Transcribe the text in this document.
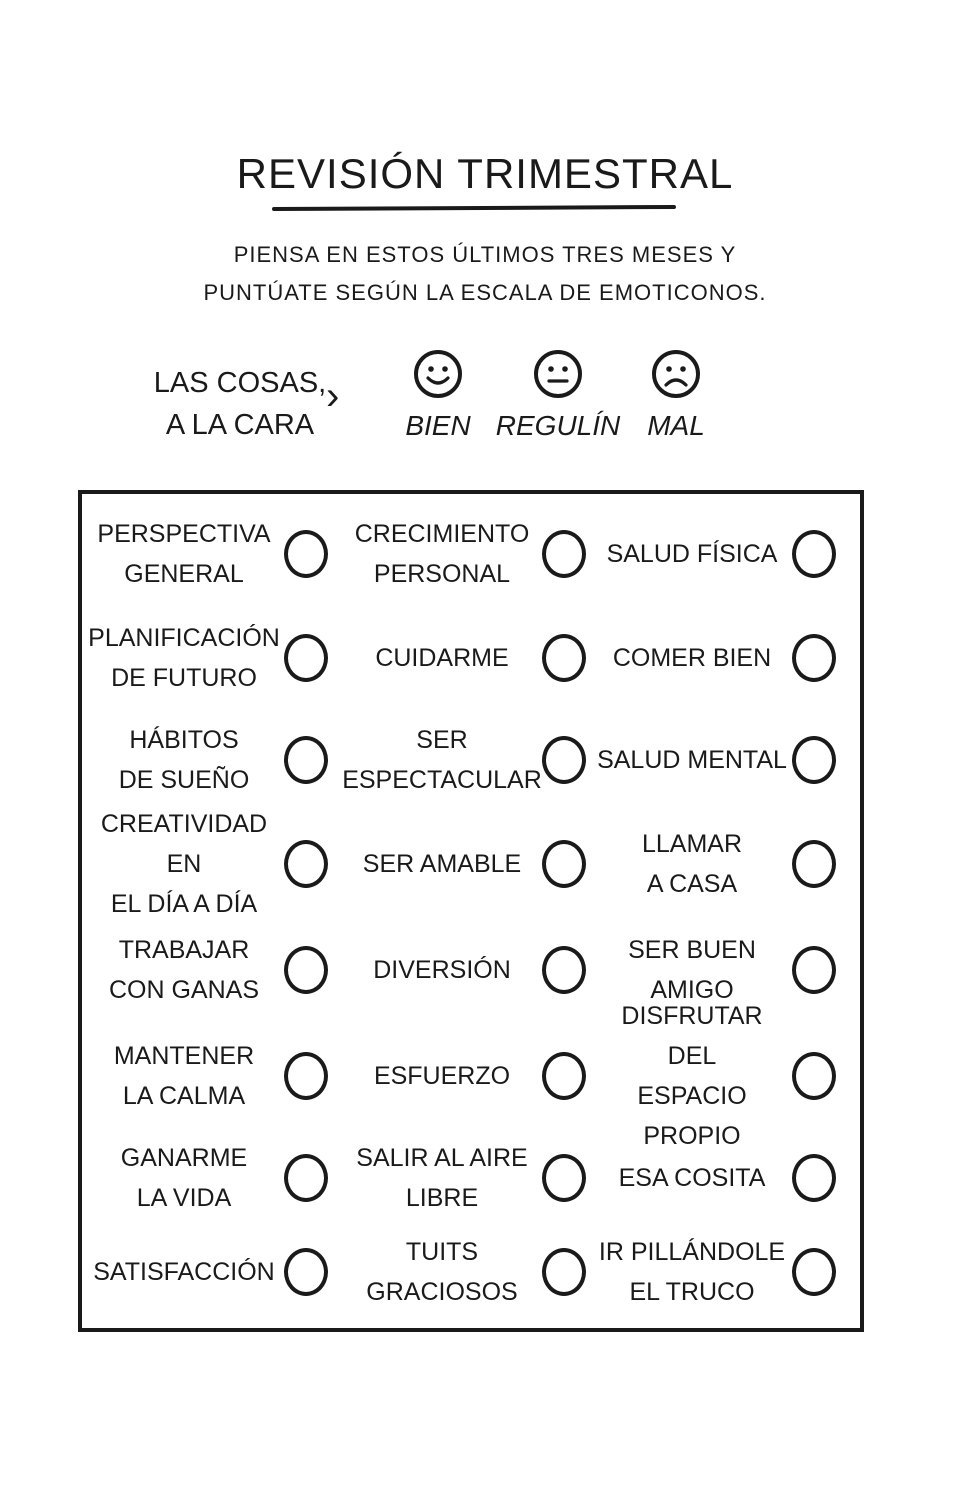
REVISIÓN TRIMESTRAL
PIENSA EN ESTOS ÚLTIMOS TRES MESES Y
PUNTÚATE SEGÚN LA ESCALA DE EMOTICONOS.
LAS COSAS,
A LA CARA
›
BIEN REGULÍN MAL
PERSPECTIVA
GENERAL
CRECIMIENTO
PERSONAL
SALUD FÍSICA
PLANIFICACIÓN
DE FUTURO
CUIDARME	COMER BIEN
HÁBITOS
DE SUEÑO
SER
ESPECTACULAR
SALUD MENTAL
CREATIVIDAD EN
EL DÍA A DÍA
SER AMABLE
LLAMAR
A CASA
TRABAJAR
CON GANAS
DIVERSIÓN
SER BUEN
AMIGO
MANTENER
LA CALMA
ESFUERZO
DISFRUTAR DEL
ESPACIO PROPIO
GANARME
LA VIDA
SALIR AL AIRE
LIBRE
ESA COSITA
SATISFACCIÓN
TUITS GRACIOSOS
IR PILLÁNDOLE
EL TRUCO
